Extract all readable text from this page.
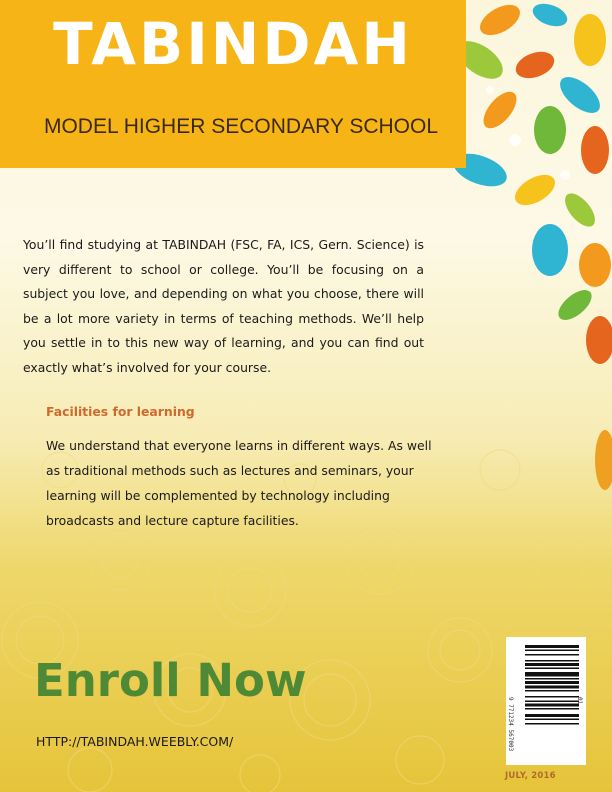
TABINDAH
MODEL HIGHER SECONDARY SCHOOL

You’ll find studying at TABINDAH (FSC, FA, ICS, Gern. Science) is very different to school or college. You’ll be focusing on a subject you love, and depending on what you choose, there will be a lot more variety in terms of teaching methods. We’ll help you settle in to this new way of learning, and you can find out exactly what’s involved for your course.

Facilities for learning

We understand that everyone learns in different ways. As well as traditional methods such as lectures and seminars, your learning will be complemented by technology including broadcasts and lecture capture facilities.

Enroll Now

HTTP://TABINDAH.WEEBLY.COM/	9 771234 567003	01
JULY, 2016
